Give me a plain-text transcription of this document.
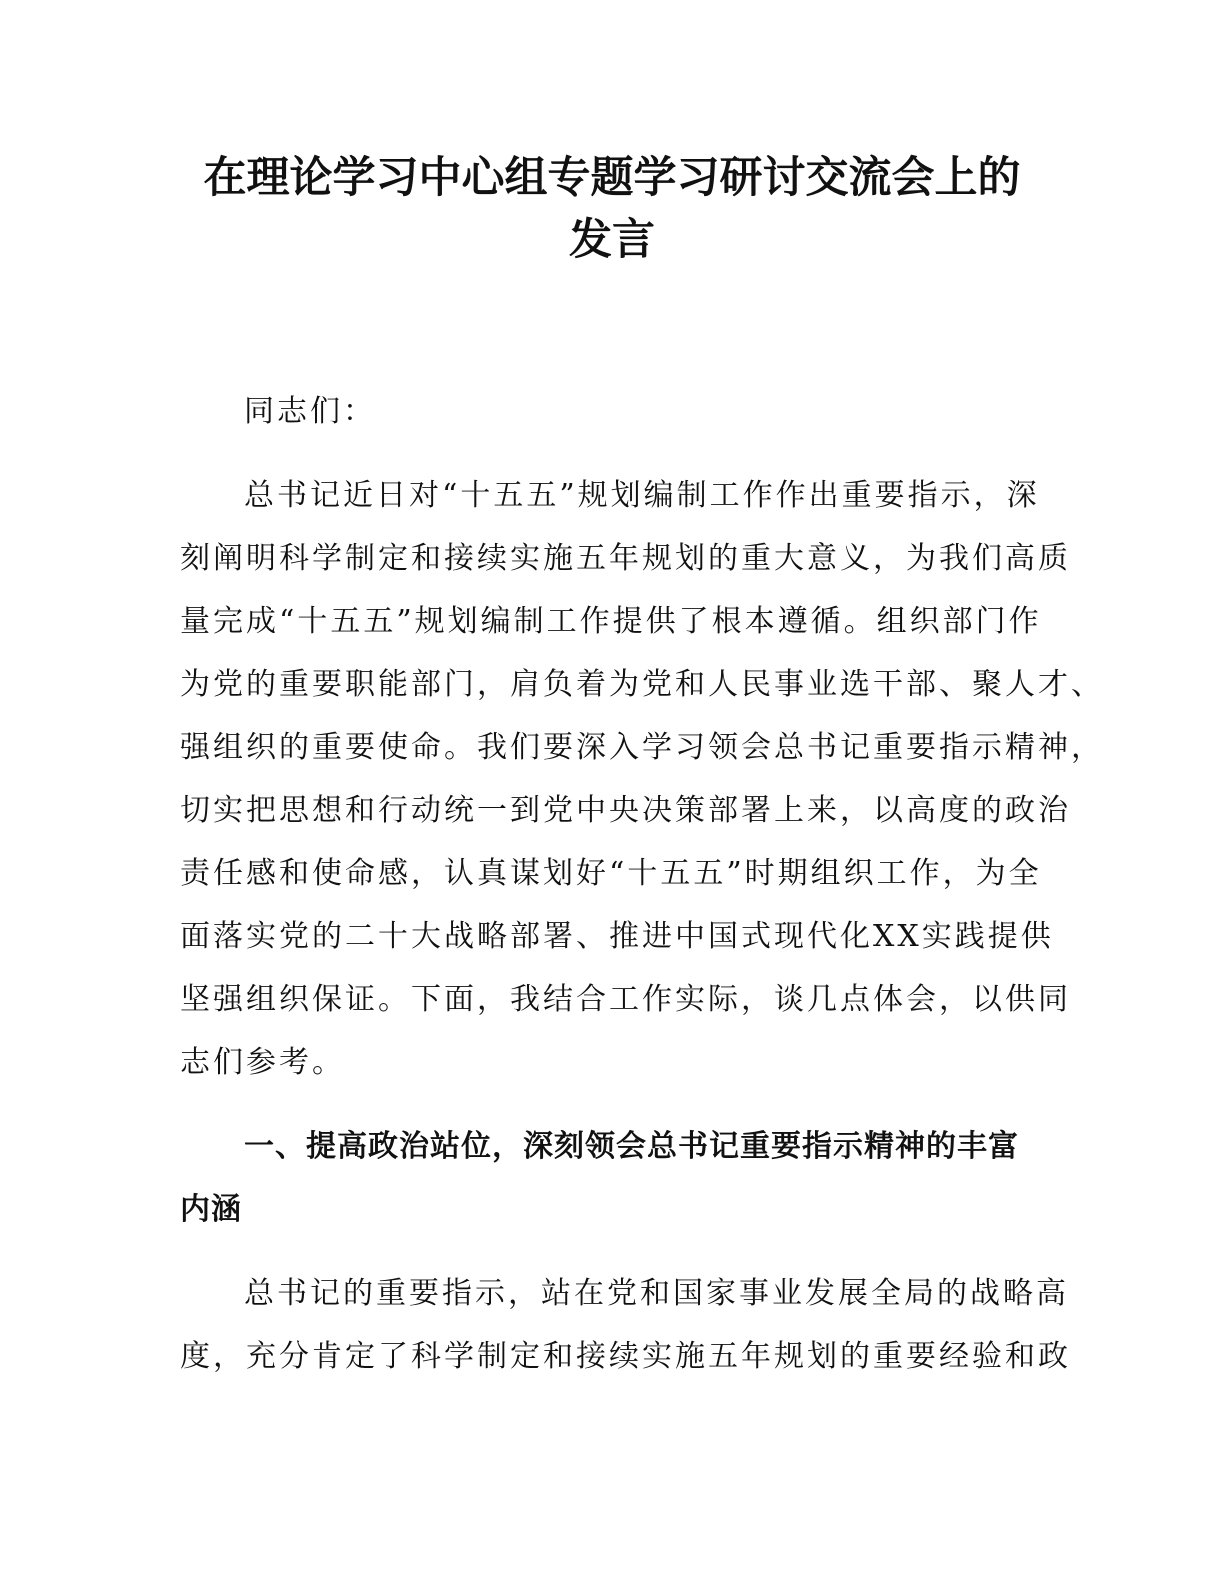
在理论学习中心组专题学习研讨交流会上的
发言
同志们：
总书记近日对“十五五”规划编制工作作出重要指示，深
刻阐明科学制定和接续实施五年规划的重大意义，为我们高质
量完成“十五五”规划编制工作提供了根本遵循。组织部门作
为党的重要职能部门，肩负着为党和人民事业选干部、聚人才、
强组织的重要使命。我们要深入学习领会总书记重要指示精神，
切实把思想和行动统一到党中央决策部署上来，以高度的政治
责任感和使命感，认真谋划好“十五五”时期组织工作，为全
面落实党的二十大战略部署、推进中国式现代化XX实践提供
坚强组织保证。下面，我结合工作实际，谈几点体会，以供同
志们参考。
一、提高政治站位，深刻领会总书记重要指示精神的丰富
内涵
总书记的重要指示，站在党和国家事业发展全局的战略高
度，充分肯定了科学制定和接续实施五年规划的重要经验和政
